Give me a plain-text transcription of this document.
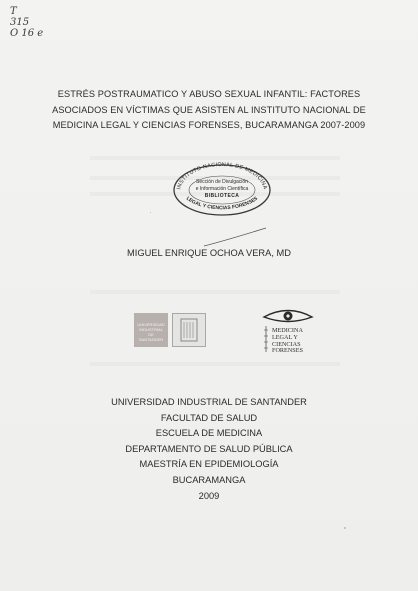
T
315
O 16 e
ESTRÉS POSTRAUMATICO Y ABUSO SEXUAL INFANTIL: FACTORES
ASOCIADOS EN VÍCTIMAS QUE ASISTEN AL INSTITUTO NACIONAL DE
MEDICINA LEGAL Y CIENCIAS FORENSES, BUCARAMANGA 2007-2009
INSTITUTO NACIONAL DE MEDICINA
Sección de Divulgación
e Información Científica
BIBLIOTECA
LEGAL Y CIENCIAS FORENSES
MIGUEL ENRIQUE OCHOA VERA, MD
UNIVERSIDAD
INDUSTRIAL DE
SANTANDER
MEDICINA
LEGAL Y
CIENCIAS
FORENSES
UNIVERSIDAD INDUSTRIAL DE SANTANDER
FACULTAD DE SALUD
ESCUELA DE MEDICINA
DEPARTAMENTO DE SALUD PÚBLICA
MAESTRÍA EN EPIDEMIOLOGÍA
BUCARAMANGA
2009
